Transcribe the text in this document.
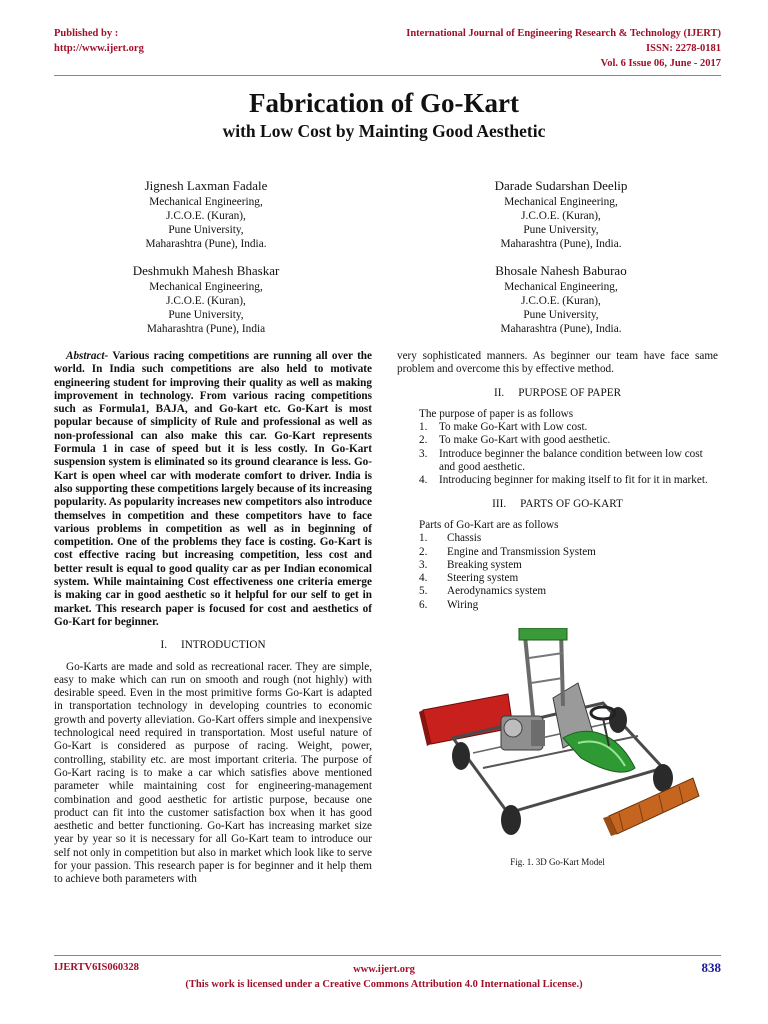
Published by :
http://www.ijert.org
International Journal of Engineering Research & Technology (IJERT)
ISSN: 2278-0181
Vol. 6 Issue 06, June - 2017
Fabrication of Go-Kart
with Low Cost by Mainting Good Aesthetic
Jignesh Laxman Fadale
Mechanical Engineering,
J.C.O.E. (Kuran),
Pune University,
Maharashtra (Pune), India.
Darade Sudarshan Deelip
Mechanical Engineering,
J.C.O.E. (Kuran),
Pune University,
Maharashtra (Pune), India.
Deshmukh Mahesh Bhaskar
Mechanical Engineering,
J.C.O.E. (Kuran),
Pune University,
Maharashtra (Pune), India
Bhosale Nahesh Baburao
Mechanical Engineering,
J.C.O.E. (Kuran),
Pune University,
Maharashtra (Pune), India.

Abstract- Various racing competitions are running all over the world. In India such competitions are also held to motivate engineering student for improving their quality as well as making improvement in technology. From various racing competitions such as Formula1, BAJA, and Go-kart etc. Go-Kart is most popular because of simplicity of Rule and professional as well as non-professional can also make this car. Go-Kart represents Formula 1 in case of speed but it is less costly. In Go-Kart suspension system is eliminated so its ground clearance is less. Go-Kart is open wheel car with moderate comfort to driver. India is also supporting these competitions largely because of its increasing popularity. As popularity increases new competitors also introduce themselves in competition and these competitors have to face various problems in competition as well as in beginning of competition. One of the problems they face is costing. Go-Kart is cost effective racing but increasing competition, less cost and better result is equal to good quality car as per Indian economical system. While maintaining Cost effectiveness one criteria emerge is making car in good aesthetic so it helpful for our self to get in market. This research paper is focused for cost and aesthetics of Go-Kart for beginner.

I. INTRODUCTION

Go-Karts are made and sold as recreational racer. They are simple, easy to make which can run on smooth and rough (not highly) with desirable speed. Even in the most primitive forms Go-Kart is adapted in transportation technology in developing countries to economic growth and poverty alleviation. Go-Kart offers simple and inexpensive technological need required in transportation. Most useful nature of Go-Kart is considered as purpose of racing. Weight, power, controlling, stability etc. are most important criteria. The purpose of Go-Kart racing is to make a car which satisfies above mentioned parameter while maintaining cost for engineering-management combination and good aesthetic for artistic purpose, because one product can fit into the customer satisfaction box when it has good aesthetic and better functioning. Go-Kart has increasing market size year by year so it is necessary for all Go-Kart team to introduce our self not only in competition but also in market which look like to serve for your passion. This research paper is for beginner and it help them to achieve both parameters with

very sophisticated manners. As beginner our team have face same problem and overcome this by effective method.

II. PURPOSE OF PAPER
The purpose of paper is as follows
1.	To make Go-Kart with Low cost.
2.	To make Go-Kart with good aesthetic.
3.	Introduce beginner the balance condition between low cost and good aesthetic.
4.	Introducing beginner for making itself to fit for it in market.
III. PARTS OF GO-KART
Parts of Go-Kart are as follows
1.	Chassis
2.	Engine and Transmission System
3.	Breaking system
4.	Steering system
5.	Aerodynamics system
6.	Wiring
Fig. 1. 3D Go-Kart Model
IJERTV6IS060328	www.ijert.org
(This work is licensed under a Creative Commons Attribution 4.0 International License.)
838
